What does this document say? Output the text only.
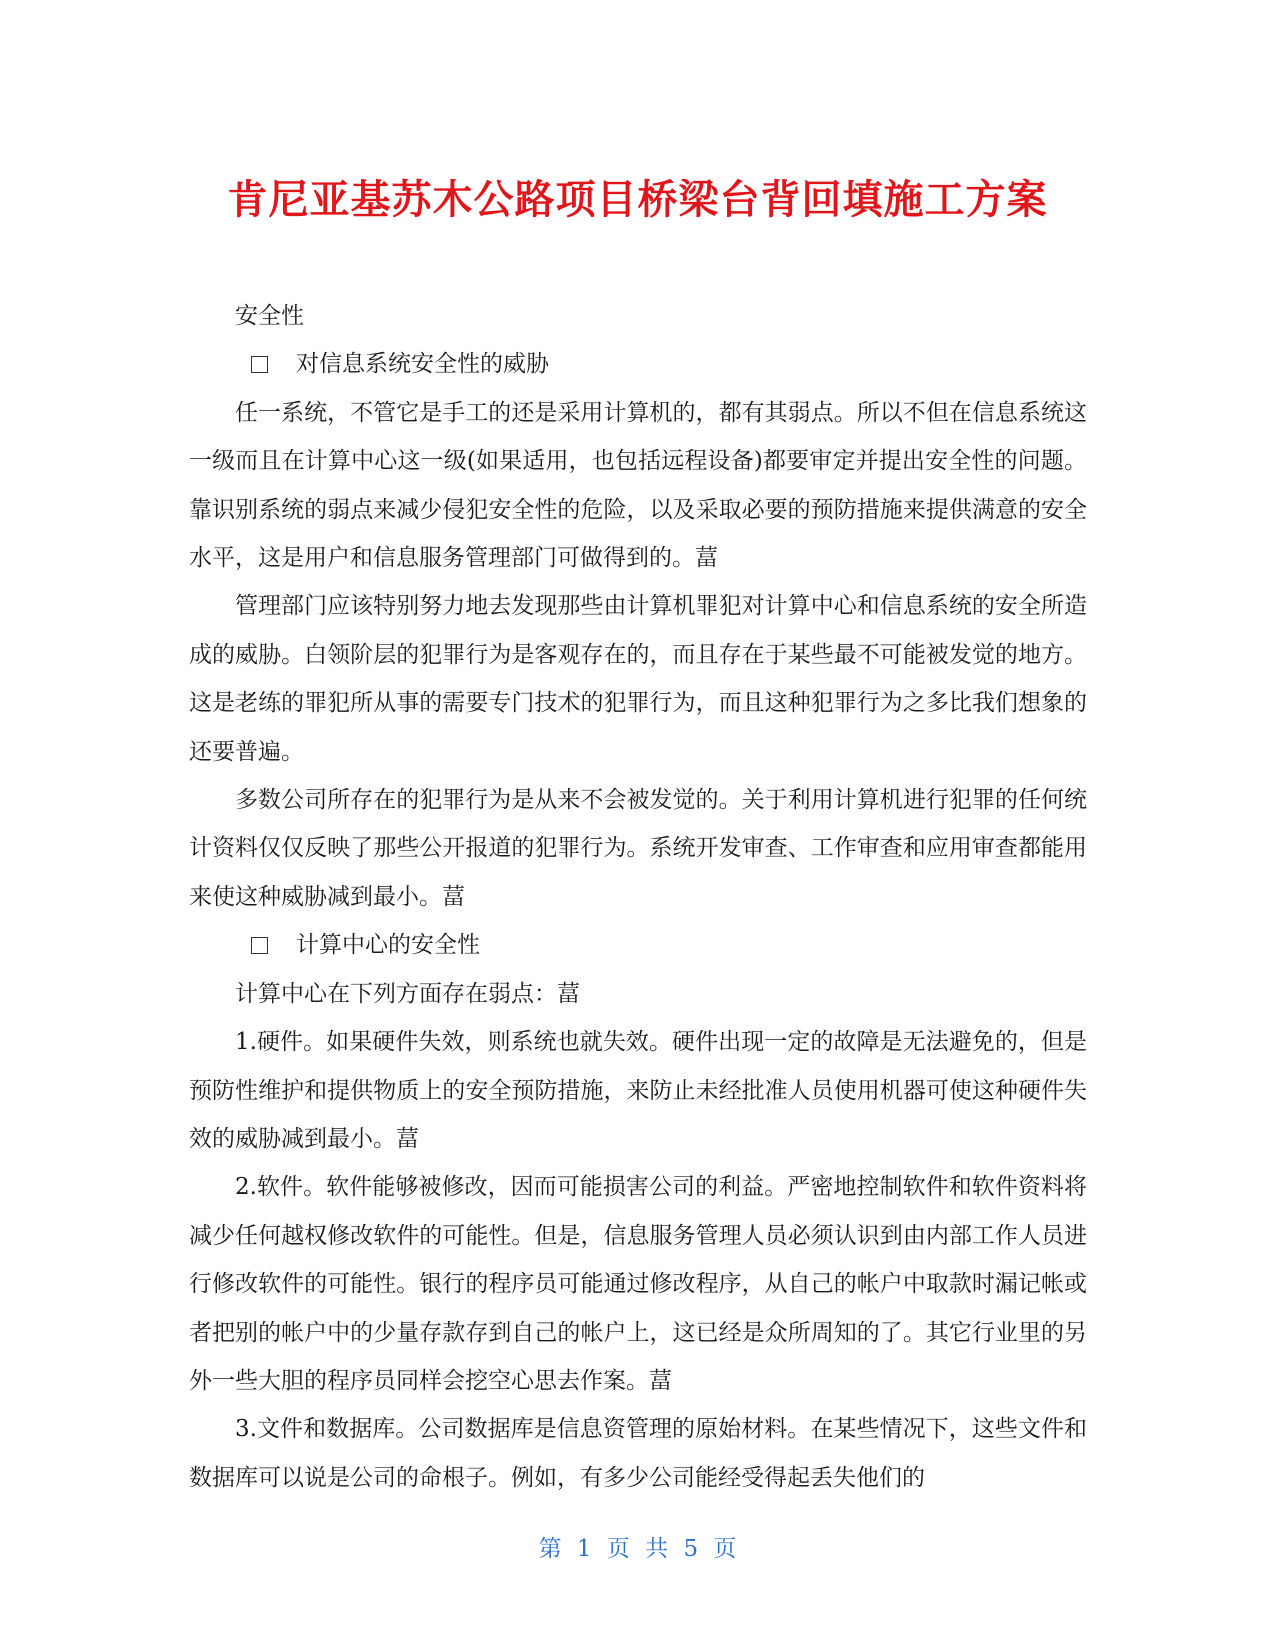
肯尼亚基苏木公路项目桥梁台背回填施工方案

安全性

对信息系统安全性的威胁

任一系统，不管它是手工的还是采用计算机的，都有其弱点。所以不但在信息系统这一级而且在计算中心这一级(如果适用，也包括远程设备)都要审定并提出安全性的问题。靠识别系统的弱点来减少侵犯安全性的危险，以及采取必要的预防措施来提供满意的安全水平，这是用户和信息服务管理部门可做得到的。葍

管理部门应该特别努力地去发现那些由计算机罪犯对计算中心和信息系统的安全所造成的威胁。白领阶层的犯罪行为是客观存在的，而且存在于某些最不可能被发觉的地方。这是老练的罪犯所从事的需要专门技术的犯罪行为，而且这种犯罪行为之多比我们想象的还要普遍。

多数公司所存在的犯罪行为是从来不会被发觉的。关于利用计算机进行犯罪的任何统计资料仅仅反映了那些公开报道的犯罪行为。系统开发审查、工作审查和应用审查都能用来使这种威胁减到最小。葍

计算中心的安全性

计算中心在下列方面存在弱点：葍

1.硬件。如果硬件失效，则系统也就失效。硬件出现一定的故障是无法避免的，但是预防性维护和提供物质上的安全预防措施，来防止未经批准人员使用机器可使这种硬件失效的威胁减到最小。葍

2.软件。软件能够被修改，因而可能损害公司的利益。严密地控制软件和软件资料将减少任何越权修改软件的可能性。但是，信息服务管理人员必须认识到由内部工作人员进行修改软件的可能性。银行的程序员可能通过修改程序，从自己的帐户中取款时漏记帐或者把别的帐户中的少量存款存到自己的帐户上，这已经是众所周知的了。其它行业里的另外一些大胆的程序员同样会挖空心思去作案。葍

3.文件和数据库。公司数据库是信息资管理的原始材料。在某些情况下，这些文件和数据库可以说是公司的命根子。例如，有多少公司能经受得起丢失他们的

第 1 页 共 5 页
